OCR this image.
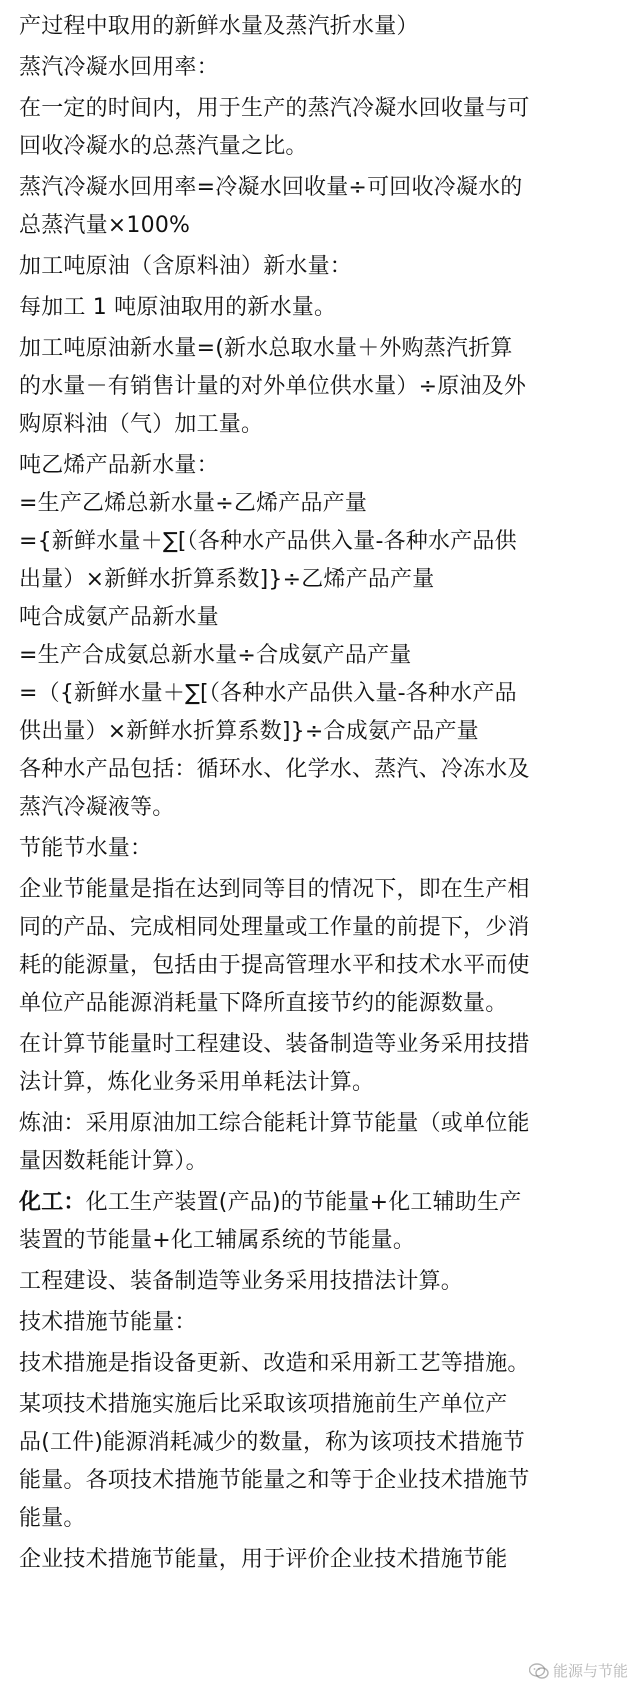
产过程中取用的新鲜水量及蒸汽折水量）
蒸汽冷凝水回用率：
在一定的时间内，用于生产的蒸汽冷凝水回收量与可
回收冷凝水的总蒸汽量之比。
蒸汽冷凝水回用率=冷凝水回收量÷可回收冷凝水的
总蒸汽量×100%
加工吨原油（含原料油）新水量：
每加工 1 吨原油取用的新水量。
加工吨原油新水量=(新水总取水量＋外购蒸汽折算
的水量－有销售计量的对外单位供水量）÷原油及外
购原料油（气）加工量。
吨乙烯产品新水量：
=生产乙烯总新水量÷乙烯产品产量
={新鲜水量＋∑[（各种水产品供入量-各种水产品供
出量）×新鲜水折算系数]}÷乙烯产品产量
吨合成氨产品新水量
=生产合成氨总新水量÷合成氨产品产量
=（{新鲜水量＋∑[（各种水产品供入量-各种水产品
供出量）×新鲜水折算系数]}÷合成氨产品产量
各种水产品包括：循环水、化学水、蒸汽、冷冻水及
蒸汽冷凝液等。
节能节水量：
企业节能量是指在达到同等目的情况下，即在生产相
同的产品、完成相同处理量或工作量的前提下，少消
耗的能源量，包括由于提高管理水平和技术水平而使
单位产品能源消耗量下降所直接节约的能源数量。
在计算节能量时工程建设、装备制造等业务采用技措
法计算，炼化业务采用单耗法计算。
炼油：采用原油加工综合能耗计算节能量（或单位能
量因数耗能计算）。
化工：化工生产装置(产品)的节能量+化工辅助生产
装置的节能量+化工辅属系统的节能量。
工程建设、装备制造等业务采用技措法计算。
技术措施节能量：
技术措施是指设备更新、改造和采用新工艺等措施。
某项技术措施实施后比采取该项措施前生产单位产
品(工件)能源消耗减少的数量，称为该项技术措施节
能量。各项技术措施节能量之和等于企业技术措施节
能量。
企业技术措施节能量，用于评价企业技术措施节能
能源与节能
